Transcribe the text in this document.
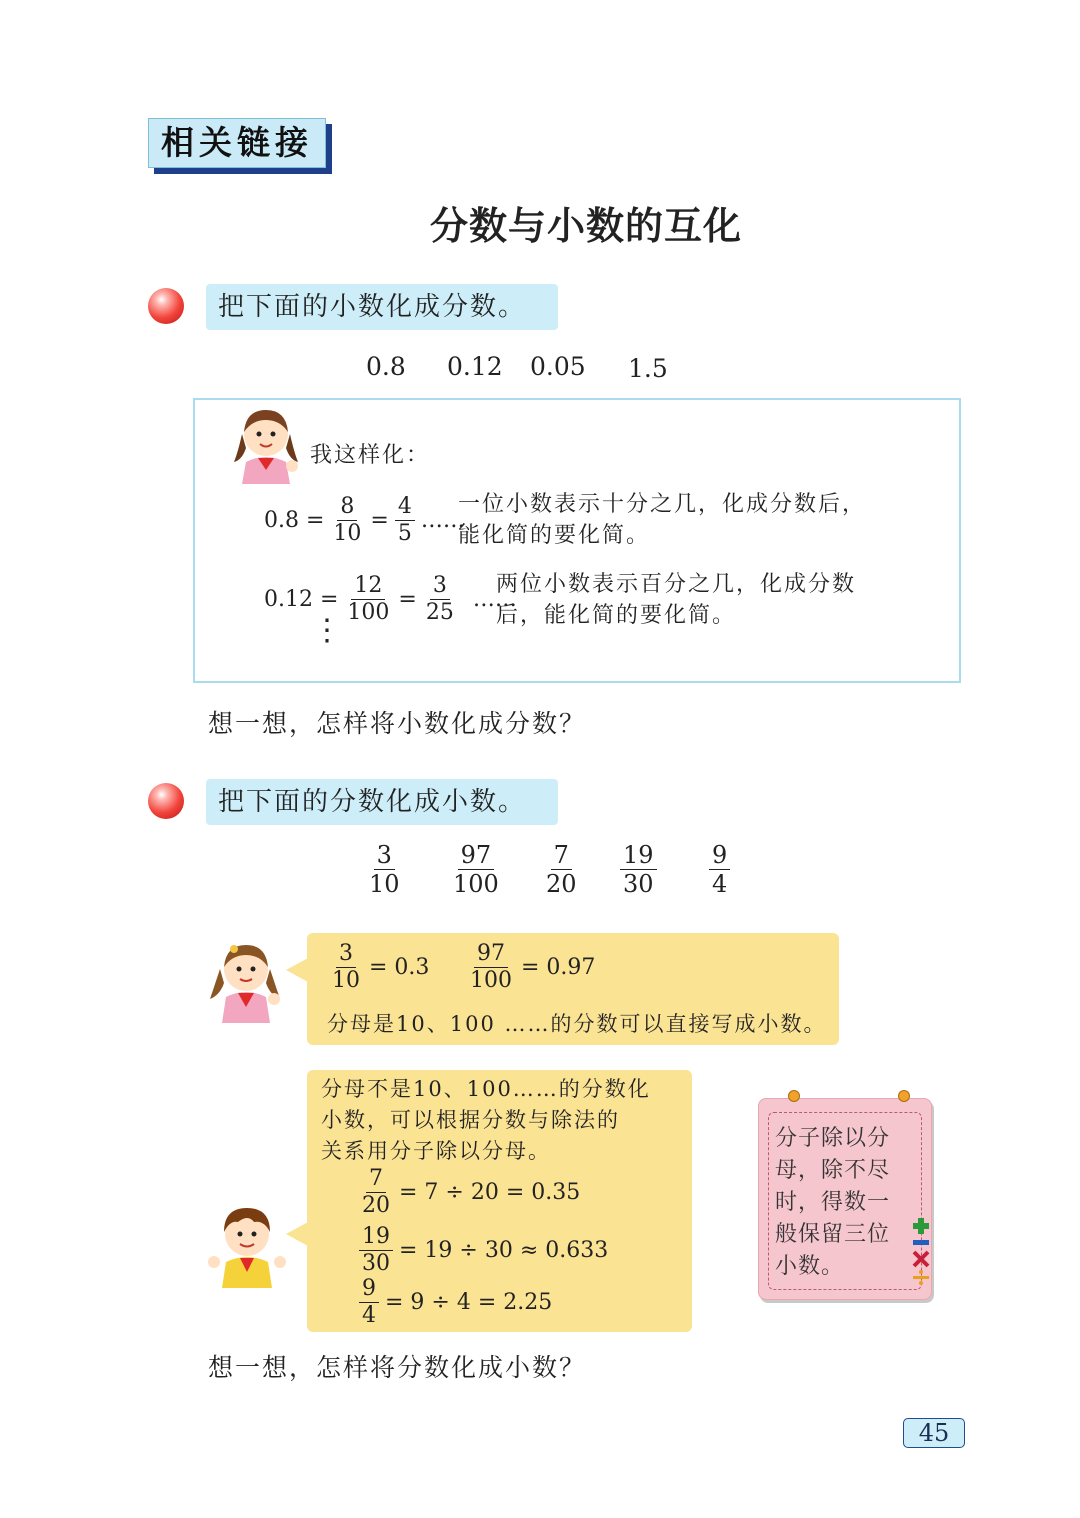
相关链接
分数与小数的互化
把下面的小数化成分数。
0.8 0.12 0.05 1.5
我这样化：
$0.8 = \frac{8}{10} = \frac{4}{5}$ ……
一位小数表示十分之几，化成分数后，
能化简的要化简。
$0.12 = \frac{12}{100} = \frac{3}{25}$ ……
两位小数表示百分之几，化成分数
后，能化简的要化简。
⋮
想一想，怎样将小数化成分数？
把下面的分数化成小数。
$\frac{3}{10} \frac{97}{100} \frac{7}{20} \frac{19}{30} \frac{9}{4}$
$\frac{3}{10} = 0.3 \frac{97}{100} = 0.97$
分母是10、100 ……的分数可以直接写成小数。
分母不是10、100……的分数化
小数，可以根据分数与除法的
关系用分子除以分母。
$\frac{7}{20} = 7 \div 20 = 0.35$
$\frac{19}{30} = 19 \div 30 \approx 0.633$
$\frac{9}{4} = 9 \div 4 = 2.25$
分子除以分
母，除不尽
时，得数一
般保留三位
小数。
想一想，怎样将分数化成小数？
45
